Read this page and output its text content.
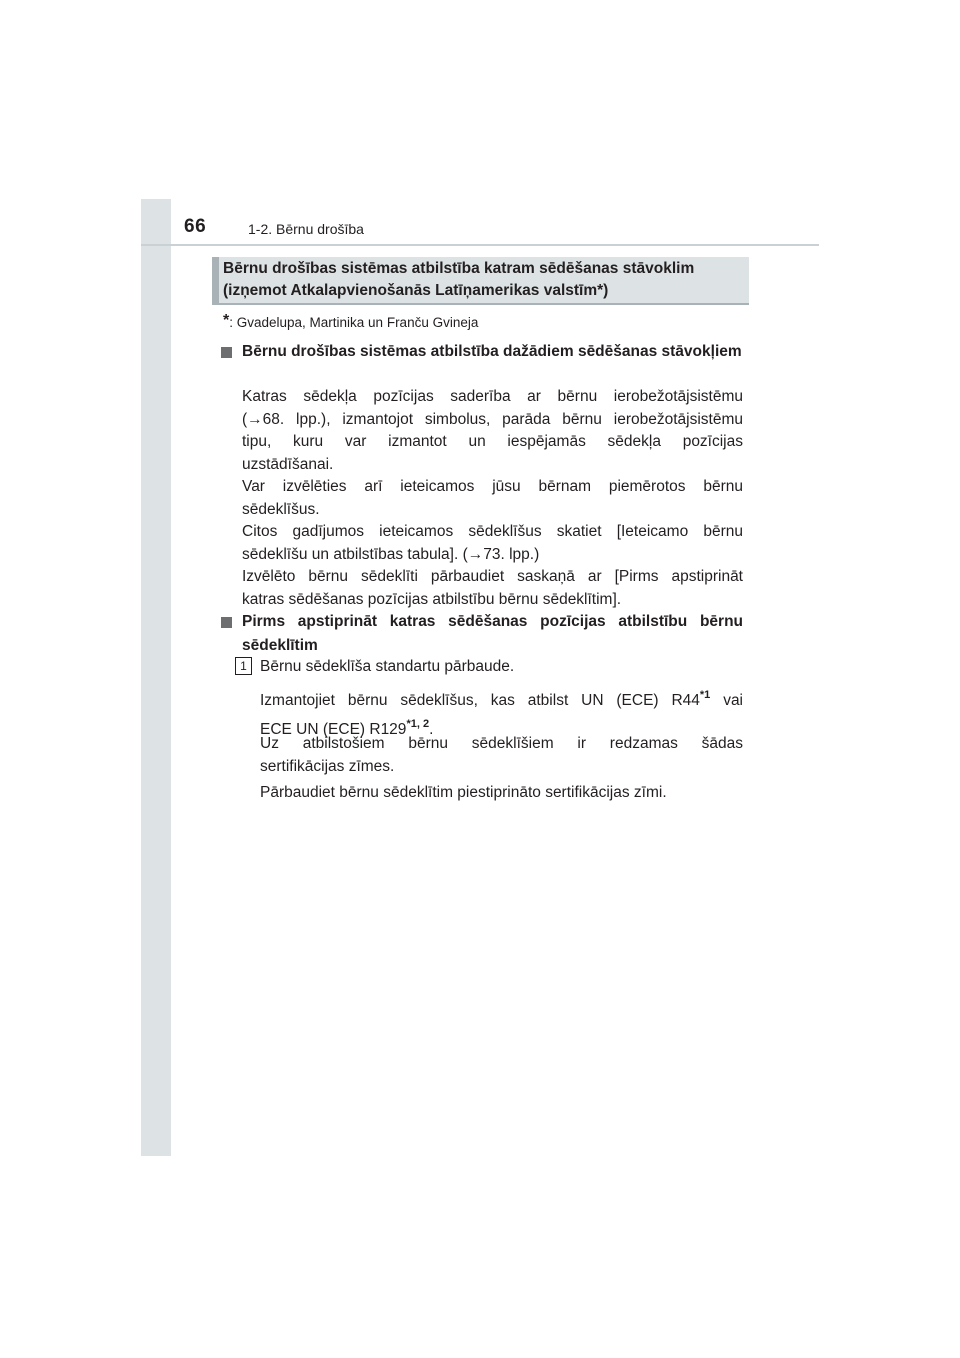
66	1-2. Bērnu drošība
Bērnu drošības sistēmas atbilstība katram sēdēšanas stāvoklim
(izņemot Atkalapvienošanās Latīņamerikas valstīm*)
*: Gvadelupa, Martinika un Franču Gvineja
Bērnu drošības sistēmas atbilstība dažādiem sēdēšanas stāvokļiem
Katras sēdekļa pozīcijas saderība ar bērnu ierobežotājsistēmu
(→68. lpp.), izmantojot simbolus, parāda bērnu ierobežotājsistēmu
tipu, kuru var izmantot un iespējamās sēdekļa pozīcijas
uzstādīšanai.
Var izvēlēties arī ieteicamos jūsu bērnam piemērotos bērnu
sēdeklīšus.
Citos gadījumos ieteicamos sēdeklīšus skatiet [Ieteicamo bērnu
sēdeklīšu un atbilstības tabula]. (→73. lpp.)
Izvēlēto bērnu sēdeklīti pārbaudiet saskaņā ar [Pirms apstiprināt
katras sēdēšanas pozīcijas atbilstību bērnu sēdeklītim].
Pirms apstiprināt katras sēdēšanas pozīcijas atbilstību bērnu sēdeklītim
1 Bērnu sēdeklīša standartu pārbaude.
Izmantojiet bērnu sēdeklīšus, kas atbilst UN (ECE) R44$^{*1}$ vai
ECE UN (ECE) R129$^{*1, 2}$.
Uz atbilstošiem bērnu sēdeklīšiem ir redzamas šādas
sertifikācijas zīmes.
Pārbaudiet bērnu sēdeklītim piestiprināto sertifikācijas zīmi.
